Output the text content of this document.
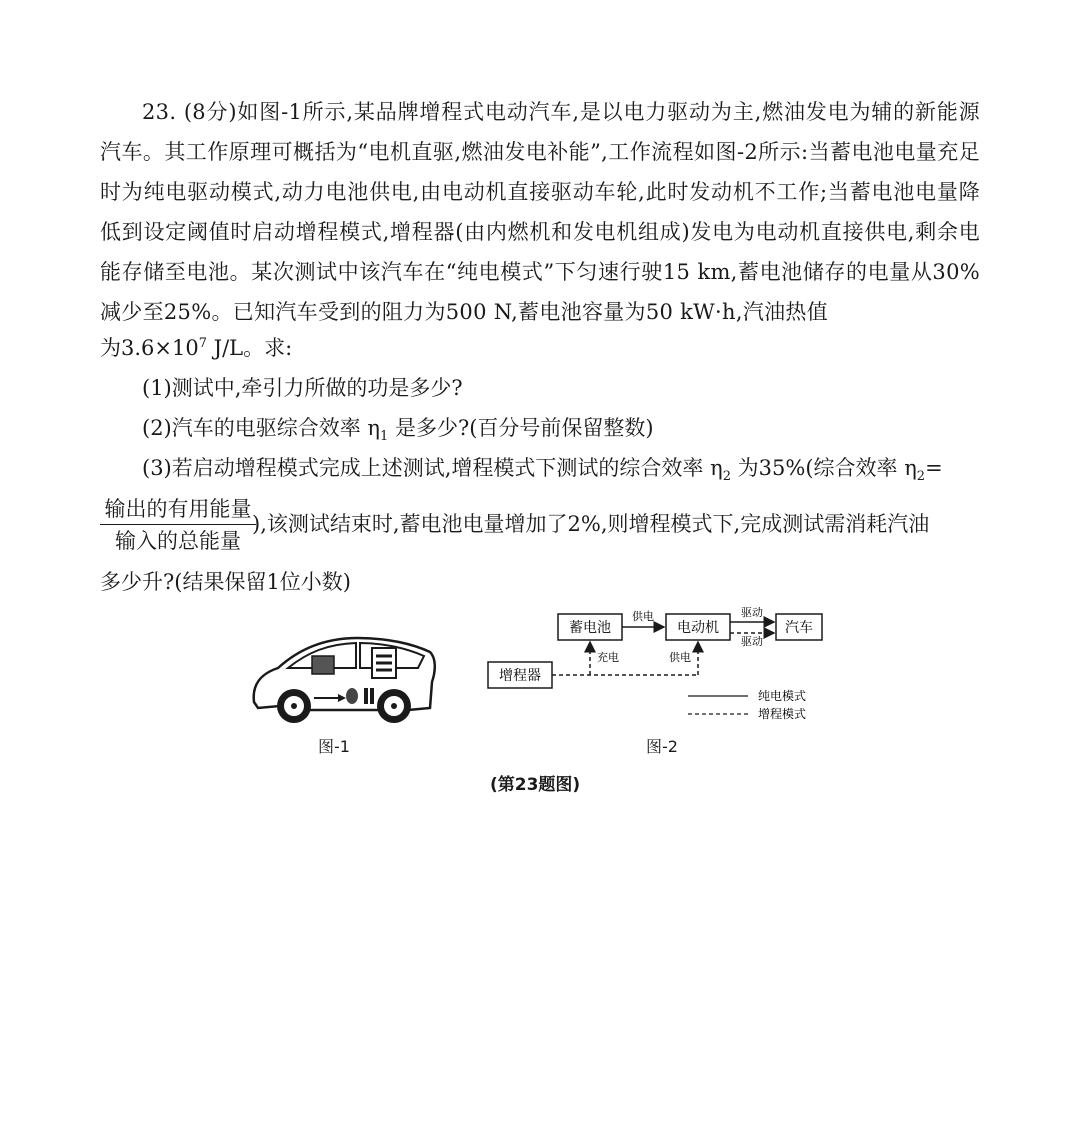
23. (8分)如图-1所示,某品牌增程式电动汽车,是以电力驱动为主,燃油发电为辅的新能源汽车。其工作原理可概括为“电机直驱,燃油发电补能”,工作流程如图-2所示:当蓄电池电量充足时为纯电驱动模式,动力电池供电,由电动机直接驱动车轮,此时发动机不工作;当蓄电池电量降低到设定阈值时启动增程模式,增程器(由内燃机和发电机组成)发电为电动机直接供电,剩余电能存储至电池。某次测试中该汽车在“纯电模式”下匀速行驶15 km,蓄电池储存的电量从30%减少至25%。已知汽车受到的阻力为500 N,蓄电池容量为50 kW·h,汽油热值
为$3.6\times 10^7$ J/L。求:
(1)测试中,牵引力所做的功是多少?
(2)汽车的电驱综合效率 $\eta_1$ 是多少?(百分号前保留整数)
(3)若启动增程模式完成上述测试,增程模式下测试的综合效率 $\eta_2$ 为35%(综合效率 $\eta_2=$
输出的有用能量
输入的总能量
),该测试结束时,蓄电池电量增加了2%,则增程模式下,完成测试需消耗汽油
多少升?(结果保留1位小数)
图-1
蓄电池	电动机	汽车
增程器
供电	驱动
驱动
充电	供电
纯电模式
增程模式
图-2
(第23题图)
